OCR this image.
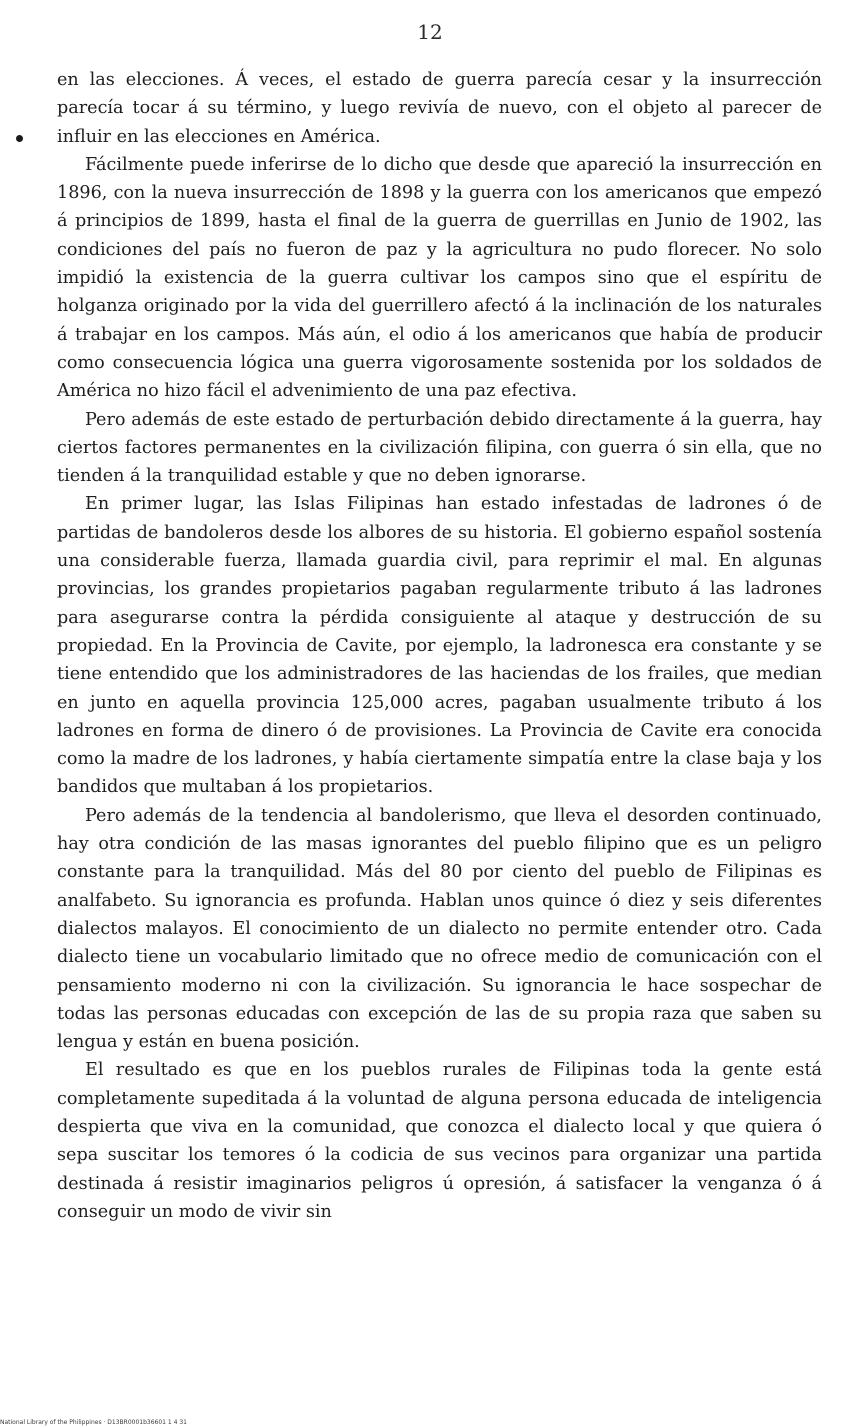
12

en las elecciones. Á veces, el estado de guerra parecía cesar y la insurrección parecía tocar á su término, y luego revivía de nuevo, con el objeto al parecer de influir en las elecciones en América.

Fácilmente puede inferirse de lo dicho que desde que apareció la insurrección en 1896, con la nueva insurrección de 1898 y la guerra con los americanos que empezó á principios de 1899, hasta el final de la guerra de guerrillas en Junio de 1902, las condiciones del país no fueron de paz y la agricultura no pudo florecer. No solo impidió la existencia de la guerra cultivar los campos sino que el espíritu de holganza originado por la vida del guerrillero afectó á la inclinación de los naturales á trabajar en los campos. Más aún, el odio á los americanos que había de producir como consecuencia lógica una guerra vigorosamente sostenida por los soldados de América no hizo fácil el advenimiento de una paz efectiva.

Pero además de este estado de perturbación debido directamente á la guerra, hay ciertos factores permanentes en la civilización filipina, con guerra ó sin ella, que no tienden á la tranquilidad estable y que no deben ignorarse.

En primer lugar, las Islas Filipinas han estado infestadas de ladrones ó de partidas de bandoleros desde los albores de su historia. El gobierno español sostenía una considerable fuerza, llamada guardia civil, para reprimir el mal. En algunas provincias, los grandes propietarios pagaban regularmente tributo á las ladrones para asegurarse contra la pérdida consiguiente al ataque y destrucción de su propiedad. En la Provincia de Cavite, por ejemplo, la ladronesca era constante y se tiene entendido que los administradores de las haciendas de los frailes, que median en junto en aquella provincia 125,000 acres, pagaban usualmente tributo á los ladrones en forma de dinero ó de provisiones. La Provincia de Cavite era conocida como la madre de los ladrones, y había ciertamente simpatía entre la clase baja y los bandidos que multaban á los propietarios.

Pero además de la tendencia al bandolerismo, que lleva el desorden continuado, hay otra condición de las masas ignorantes del pueblo filipino que es un peligro constante para la tranquilidad. Más del 80 por ciento del pueblo de Filipinas es analfabeto. Su ignorancia es profunda. Hablan unos quince ó diez y seis diferentes dialectos malayos. El conocimiento de un dialecto no permite entender otro. Cada dialecto tiene un vocabulario limitado que no ofrece medio de comunicación con el pensamiento moderno ni con la civilización. Su ignorancia le hace sospechar de todas las personas educadas con excepción de las de su propia raza que saben su lengua y están en buena posición.

El resultado es que en los pueblos rurales de Filipinas toda la gente está completamente supeditada á la voluntad de alguna persona educada de inteligencia despierta que viva en la comunidad, que conozca el dialecto local y que quiera ó sepa suscitar los temores ó la codicia de sus vecinos para organizar una partida destinada á resistir imaginarios peligros ú opresión, á satisfacer la venganza ó á conseguir un modo de vivir sin

National Library of the Philippines · D13BR0001b36601 1 4 31
